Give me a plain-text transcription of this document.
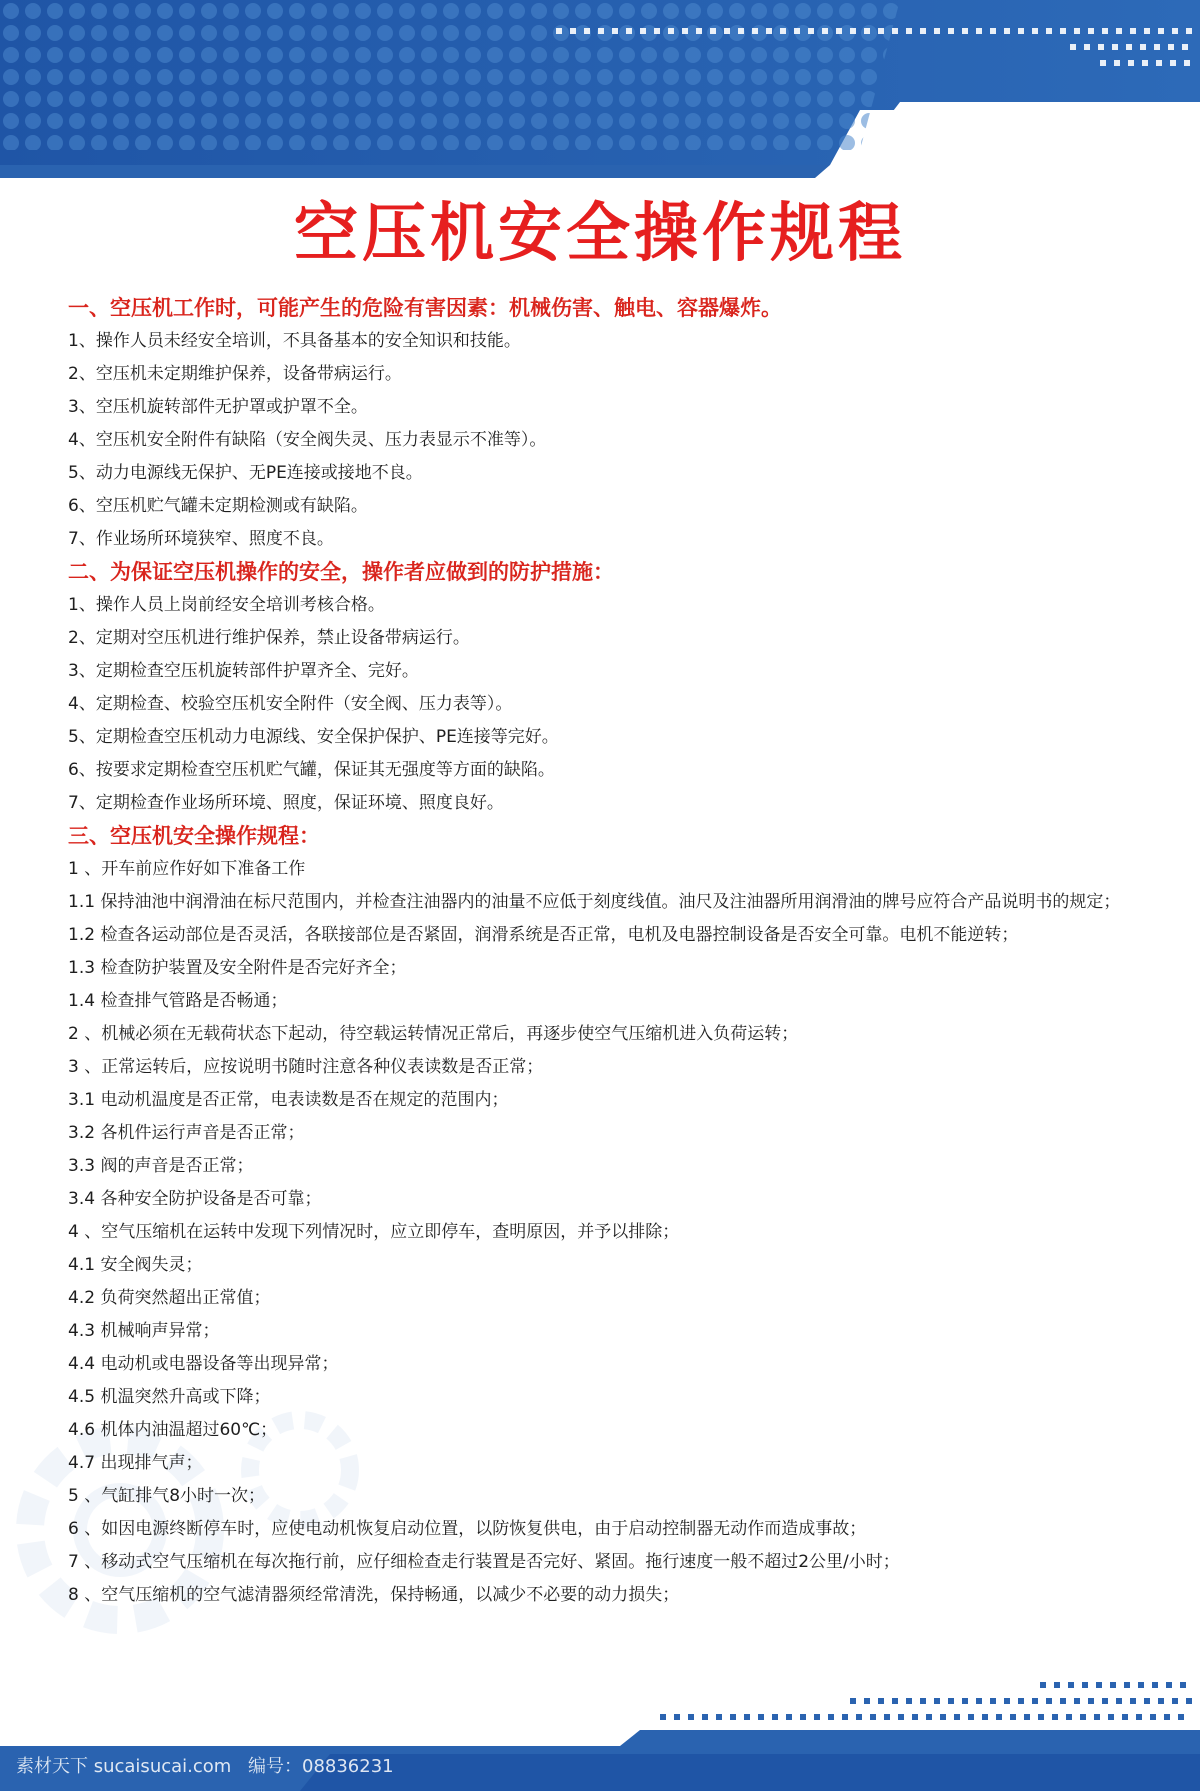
空压机安全操作规程

一、空压机工作时，可能产生的危险有害因素：机械伤害、触电、容器爆炸。

1、操作人员未经安全培训，不具备基本的安全知识和技能。

2、空压机未定期维护保养，设备带病运行。

3、空压机旋转部件无护罩或护罩不全。

4、空压机安全附件有缺陷（安全阀失灵、压力表显示不准等）。

5、动力电源线无保护、无PE连接或接地不良。

6、空压机贮气罐未定期检测或有缺陷。

7、作业场所环境狭窄、照度不良。

二、为保证空压机操作的安全，操作者应做到的防护措施：

1、操作人员上岗前经安全培训考核合格。

2、定期对空压机进行维护保养，禁止设备带病运行。

3、定期检查空压机旋转部件护罩齐全、完好。

4、定期检查、校验空压机安全附件（安全阀、压力表等）。

5、定期检查空压机动力电源线、安全保护保护、PE连接等完好。

6、按要求定期检查空压机贮气罐，保证其无强度等方面的缺陷。

7、定期检查作业场所环境、照度，保证环境、照度良好。

三、空压机安全操作规程：

1 、开车前应作好如下准备工作

1.1 保持油池中润滑油在标尺范围内，并检查注油器内的油量不应低于刻度线值。油尺及注油器所用润滑油的牌号应符合产品说明书的规定；

1.2 检查各运动部位是否灵活，各联接部位是否紧固，润滑系统是否正常，电机及电器控制设备是否安全可靠。电机不能逆转；

1.3 检查防护装置及安全附件是否完好齐全；

1.4 检查排气管路是否畅通；

2 、机械必须在无载荷状态下起动，待空载运转情况正常后，再逐步使空气压缩机进入负荷运转；

3 、正常运转后，应按说明书随时注意各种仪表读数是否正常；

3.1 电动机温度是否正常，电表读数是否在规定的范围内；

3.2 各机件运行声音是否正常；

3.3 阀的声音是否正常；

3.4 各种安全防护设备是否可靠；

4 、空气压缩机在运转中发现下列情况时，应立即停车，查明原因，并予以排除；

4.1 安全阀失灵；

4.2 负荷突然超出正常值；

4.3 机械响声异常；

4.4 电动机或电器设备等出现异常；

4.5 机温突然升高或下降；

4.6 机体内油温超过60℃；

4.7 出现排气声；

5 、气缸排气8小时一次；

6 、如因电源终断停车时，应使电动机恢复启动位置，以防恢复供电，由于启动控制器无动作而造成事故；

7 、移动式空气压缩机在每次拖行前，应仔细检查走行装置是否完好、紧固。拖行速度一般不超过2公里/小时；

8 、空气压缩机的空气滤清器须经常清洗，保持畅通，以减少不必要的动力损失；

素材天下 sucaisucai.com 编号：08836231
